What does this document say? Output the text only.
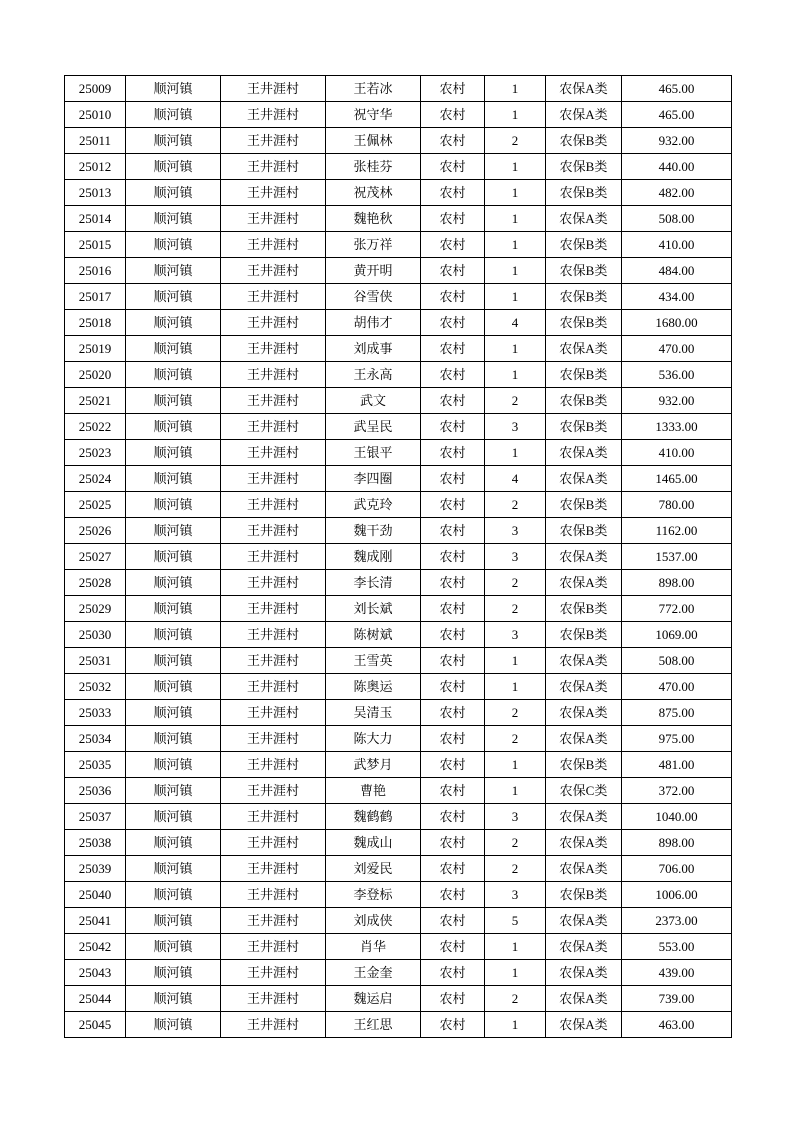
25009	顺河镇	王井涯村	王若冰	农村	1	农保A类	465.00
25010	顺河镇	王井涯村	祝守华	农村	1	农保A类	465.00
25011	顺河镇	王井涯村	王佩林	农村	2	农保B类	932.00
25012	顺河镇	王井涯村	张桂芬	农村	1	农保B类	440.00
25013	顺河镇	王井涯村	祝茂林	农村	1	农保B类	482.00
25014	顺河镇	王井涯村	魏艳秋	农村	1	农保A类	508.00
25015	顺河镇	王井涯村	张万祥	农村	1	农保B类	410.00
25016	顺河镇	王井涯村	黄开明	农村	1	农保B类	484.00
25017	顺河镇	王井涯村	谷雪侠	农村	1	农保B类	434.00
25018	顺河镇	王井涯村	胡伟才	农村	4	农保B类	1680.00
25019	顺河镇	王井涯村	刘成事	农村	1	农保A类	470.00
25020	顺河镇	王井涯村	王永高	农村	1	农保B类	536.00
25021	顺河镇	王井涯村	武文	农村	2	农保B类	932.00
25022	顺河镇	王井涯村	武呈民	农村	3	农保B类	1333.00
25023	顺河镇	王井涯村	王银平	农村	1	农保A类	410.00
25024	顺河镇	王井涯村	李四圈	农村	4	农保A类	1465.00
25025	顺河镇	王井涯村	武克玲	农村	2	农保B类	780.00
25026	顺河镇	王井涯村	魏干劲	农村	3	农保B类	1162.00
25027	顺河镇	王井涯村	魏成刚	农村	3	农保A类	1537.00
25028	顺河镇	王井涯村	李长清	农村	2	农保A类	898.00
25029	顺河镇	王井涯村	刘长斌	农村	2	农保B类	772.00
25030	顺河镇	王井涯村	陈树斌	农村	3	农保B类	1069.00
25031	顺河镇	王井涯村	王雪英	农村	1	农保A类	508.00
25032	顺河镇	王井涯村	陈奥运	农村	1	农保A类	470.00
25033	顺河镇	王井涯村	吴清玉	农村	2	农保A类	875.00
25034	顺河镇	王井涯村	陈大力	农村	2	农保A类	975.00
25035	顺河镇	王井涯村	武梦月	农村	1	农保B类	481.00
25036	顺河镇	王井涯村	曹艳	农村	1	农保C类	372.00
25037	顺河镇	王井涯村	魏鹤鹤	农村	3	农保A类	1040.00
25038	顺河镇	王井涯村	魏成山	农村	2	农保A类	898.00
25039	顺河镇	王井涯村	刘爱民	农村	2	农保A类	706.00
25040	顺河镇	王井涯村	李登标	农村	3	农保B类	1006.00
25041	顺河镇	王井涯村	刘成侠	农村	5	农保A类	2373.00
25042	顺河镇	王井涯村	肖华	农村	1	农保A类	553.00
25043	顺河镇	王井涯村	王金奎	农村	1	农保A类	439.00
25044	顺河镇	王井涯村	魏运启	农村	2	农保A类	739.00
25045	顺河镇	王井涯村	王红思	农村	1	农保A类	463.00
